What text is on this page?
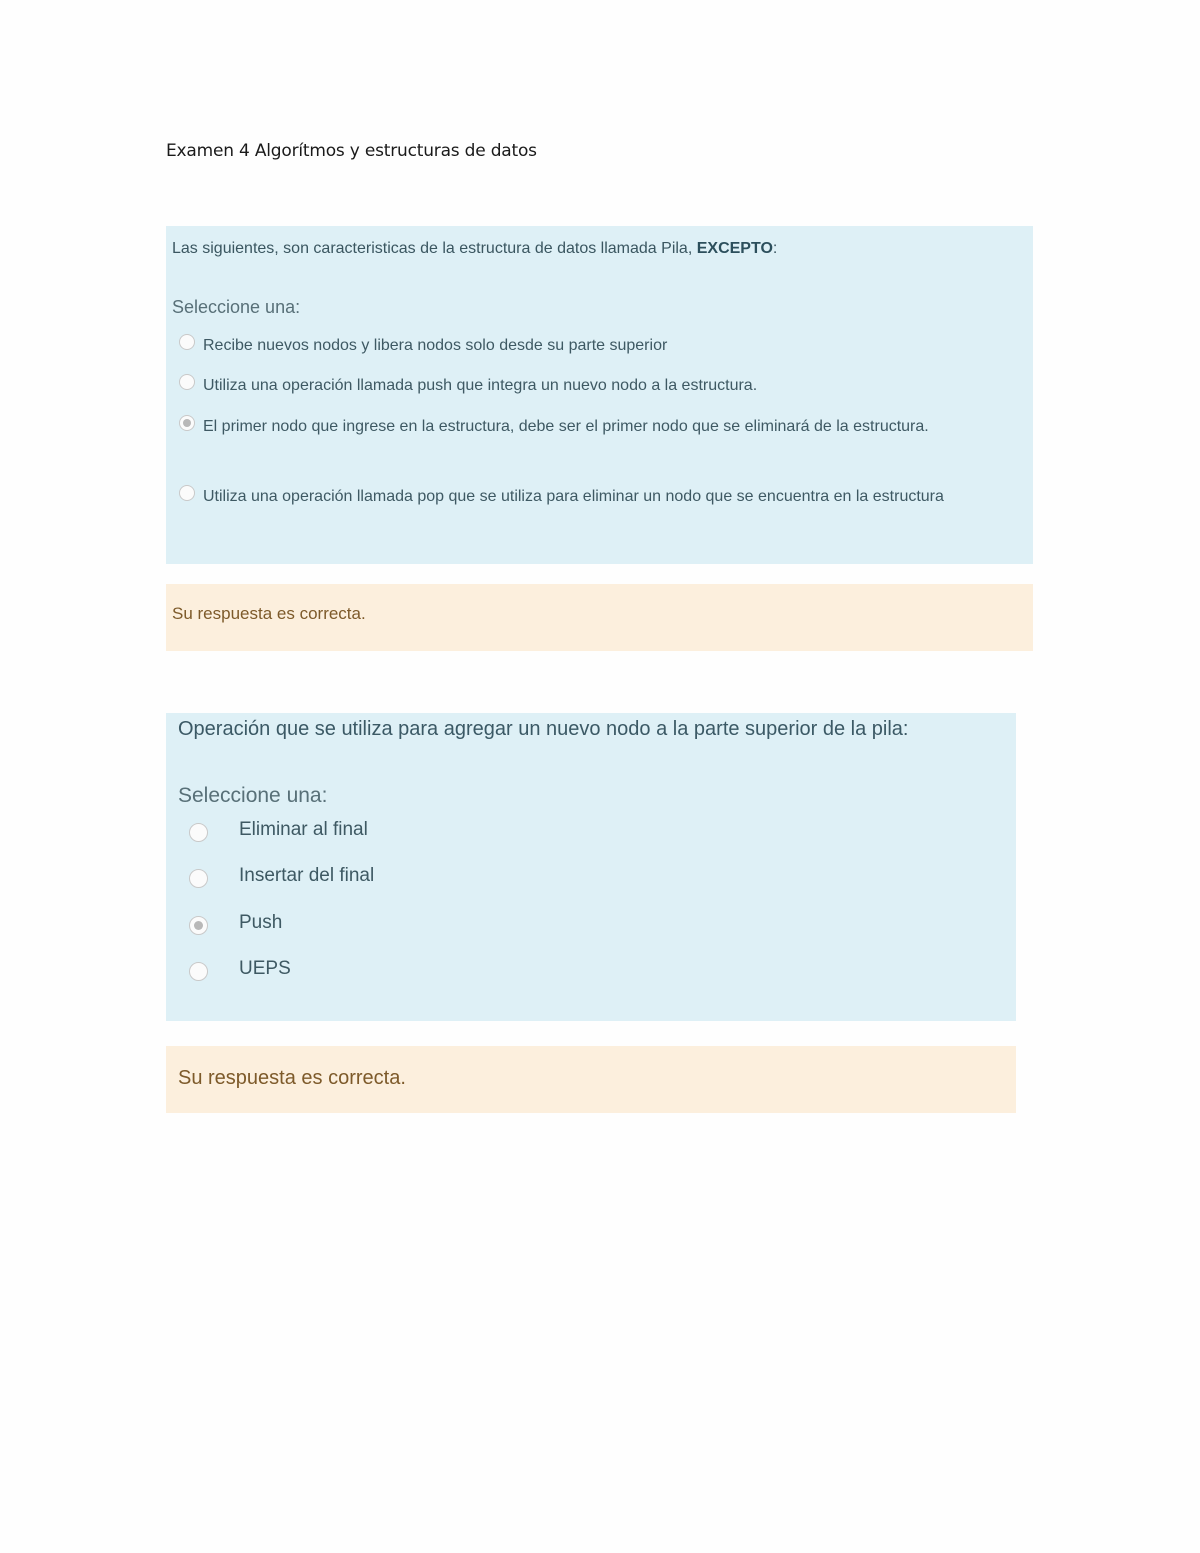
Examen 4 Algorítmos y estructuras de datos
Las siguientes, son caracteristicas de la estructura de datos llamada Pila, EXCEPTO:
Seleccione una:
Recibe nuevos nodos y libera nodos solo desde su parte superior
Utiliza una operación llamada push que integra un nuevo nodo a la estructura.
El primer nodo que ingrese en la estructura, debe ser el primer nodo que se eliminará de la estructura.
Utiliza una operación llamada pop que se utiliza para eliminar un nodo que se encuentra en la estructura
Su respuesta es correcta.
Operación que se utiliza para agregar un nuevo nodo a la parte superior de la pila:
Seleccione una:
Eliminar al final
Insertar del final
Push
UEPS
Su respuesta es correcta.
